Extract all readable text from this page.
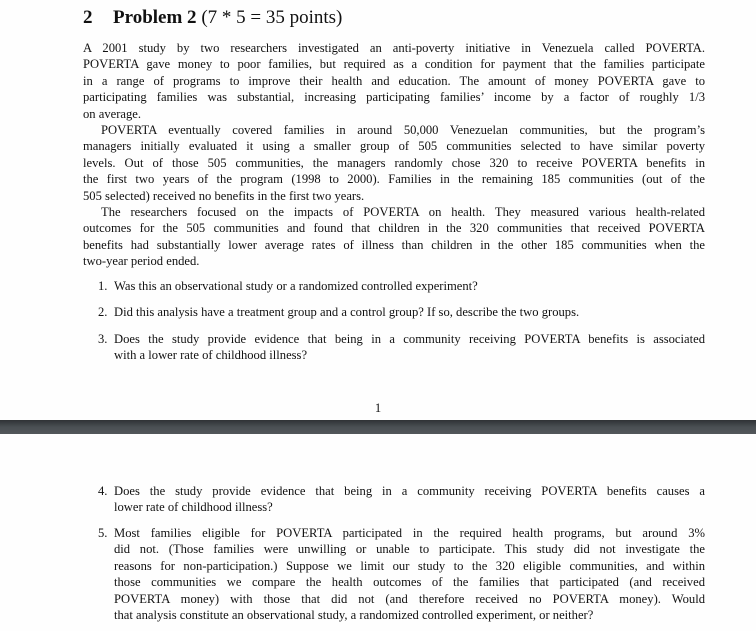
2 Problem 2 (7 * 5 = 35 points)
1
A 2001 study by two researchers investigated an anti-poverty initiative in Venezuela called POVERTA.
POVERTA gave money to poor families, but required as a condition for payment that the families participate
in a range of programs to improve their health and education. The amount of money POVERTA gave to
participating families was substantial, increasing participating families’ income by a factor of roughly 1/3
on average.
POVERTA eventually covered families in around 50,000 Venezuelan communities, but the program’s
managers initially evaluated it using a smaller group of 505 communities selected to have similar poverty
levels. Out of those 505 communities, the managers randomly chose 320 to receive POVERTA benefits in
the first two years of the program (1998 to 2000). Families in the remaining 185 communities (out of the
505 selected) received no benefits in the first two years.
The researchers focused on the impacts of POVERTA on health. They measured various health-related
outcomes for the 505 communities and found that children in the 320 communities that received POVERTA
benefits had substantially lower average rates of illness than children in the other 185 communities when the
two-year period ended.
1. Was this an observational study or a randomized controlled experiment?
2. Did this analysis have a treatment group and a control group? If so, describe the two groups.
3. Does the study provide evidence that being in a community receiving POVERTA benefits is associated
with a lower rate of childhood illness?
4. Does the study provide evidence that being in a community receiving POVERTA benefits causes a
lower rate of childhood illness?
5. Most families eligible for POVERTA participated in the required health programs, but around 3%
did not. (Those families were unwilling or unable to participate. This study did not investigate the
reasons for non-participation.) Suppose we limit our study to the 320 eligible communities, and within
those communities we compare the health outcomes of the families that participated (and received
POVERTA money) with those that did not (and therefore received no POVERTA money). Would
that analysis constitute an observational study, a randomized controlled experiment, or neither?
